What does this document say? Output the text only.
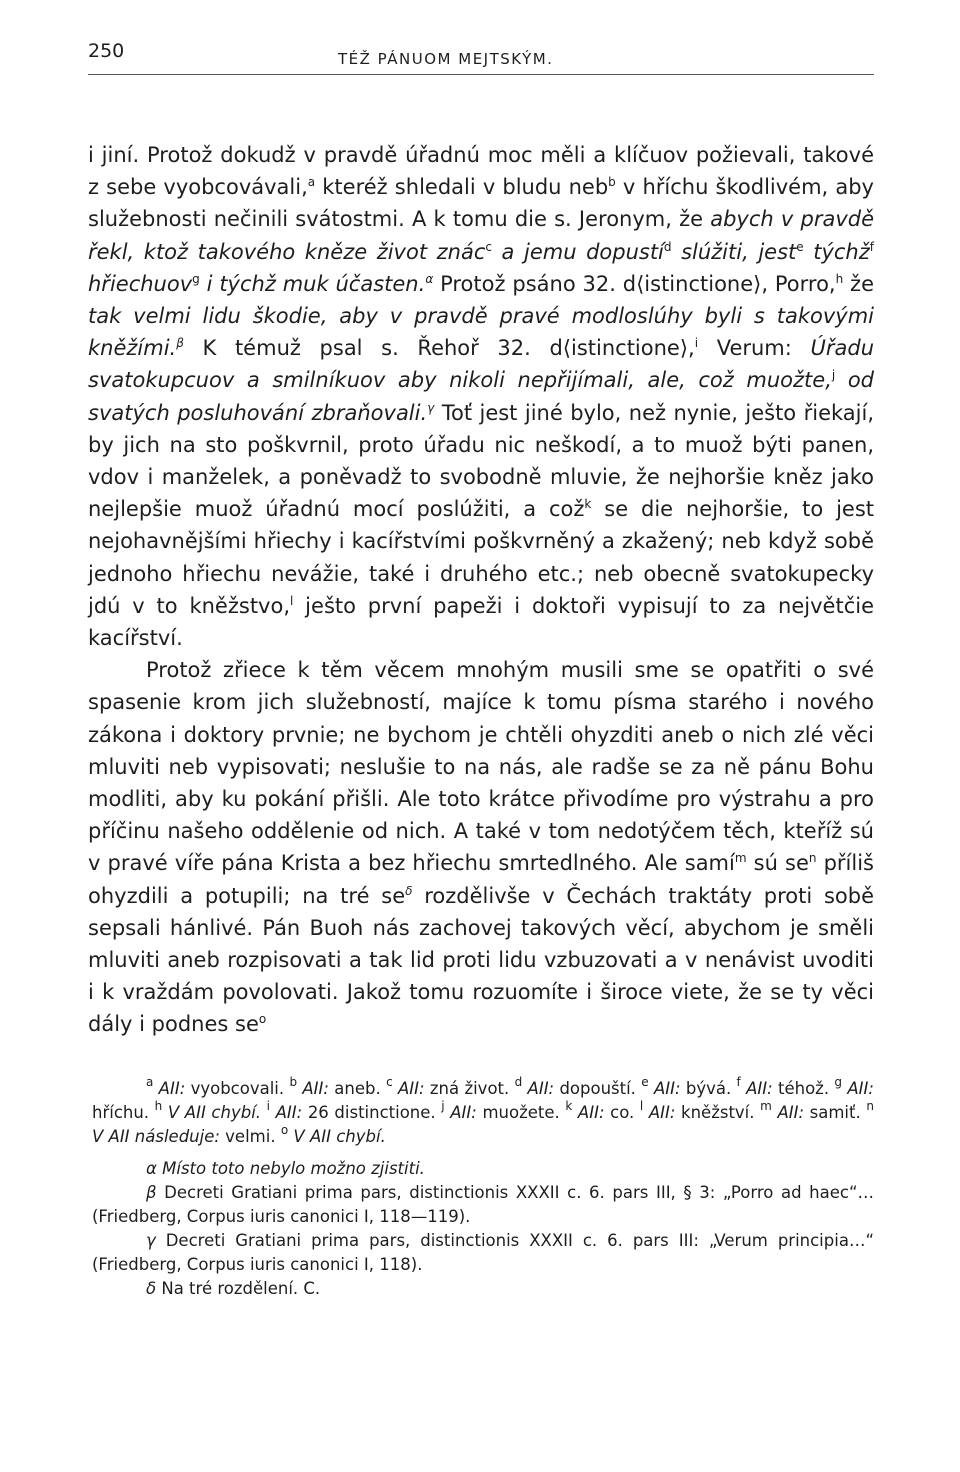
250	TÉŽ PÁNUOM MEJTSKÝM.

i jiní. Protož dokudž v pravdě úřadnú moc měli a klíčuov požievali, takové z sebe vyobcovávali,$^a$ kteréž shledali v bludu neb$^b$ v hříchu škodlivém, aby služebnosti nečinili svátostmi. A k tomu die s. Jeronym, že abych v pravdě řekl, ktož takového kněze život znác$^c$ a jemu dopustí$^d$ slúžiti, jest$^e$ týchž$^f$ hřiechuov$^g$ i týchž muk účasten.$^\alpha$ Protož psáno 32. d⟨istinctione⟩, Porro,$^h$ že tak velmi lidu škodie, aby v pravdě pravé modloslúhy byli s takovými kněžími.$^\beta$ K témuž psal s. Řehoř 32. d⟨istinctione⟩,$^i$ Verum: Úřadu svatokupcuov a smilníkuov aby nikoli nepřijímali, ale, což muožte,$^j$ od svatých posluhování zbraňovali.$^\gamma$ Toť jest jiné bylo, než nynie, ješto řiekají, by jich na sto poškvrnil, proto úřadu nic neškodí, a to muož býti panen, vdov i manželek, a poněvadž to svobodně mluvie, že nejhoršie kněz jako nejlepšie muož úřadnú mocí poslúžiti, a což$^k$ se die nejhoršie, to jest nejohavnějšími hřiechy i kacířstvími poškvrněný a zkažený; neb když sobě jednoho hřiechu nevážie, také i druhého etc.; neb obecně svatokupecky jdú v to kněžstvo,$^l$ ješto první papeži i doktoři vypisují to za největčie kacířství.

Protož zřiece k těm věcem mnohým musili sme se opatřiti o své spasenie krom jich služebností, majíce k tomu písma starého i nového zákona i doktory prvnie; ne bychom je chtěli ohyzditi aneb o nich zlé věci mluviti neb vypisovati; neslušie to na nás, ale radše se za ně pánu Bohu modliti, aby ku pokání přišli. Ale toto krátce přivodíme pro výstrahu a pro příčinu našeho oddělenie od nich. A také v tom nedotýčem těch, kteříž sú v pravé víře pána Krista a bez hřiechu smrtedlného. Ale samí$^m$ sú $se^n$ příliš ohyzdili a potupili; na tré $se^\delta$ rozdělivše v Čechách traktáty proti sobě sepsali hánlivé. Pán Buoh nás zachovej takových věcí, abychom je směli mluviti aneb rozpisovati a tak lid proti lidu vzbuzovati a v nenávist uvoditi i k vraždám povolovati. Jakož tomu rozuomíte i široce viete, že se ty věci dály i podnes $se^o$

$^a$ AII: vyobcovali. $^b$ AII: aneb. $^c$ AII: zná život. $^d$ AII: dopouští. $^e$ AII: bývá. $^f$ AII: téhož. $^g$ AII: hříchu. $^h$ V AII chybí. $^i$ AII: 26 distinctione. $^j$ AII: muožete. $^k$ AII: co. $^l$ AII: kněžství. $^m$ AII: samiť. $^n$ V AII následuje: velmi. $^o$ V AII chybí.

α Místo toto nebylo možno zjistiti.

β Decreti Gratiani prima pars, distinctionis XXXII c. 6. pars III, § 3: „Porro ad haec“… (Friedberg, Corpus iuris canonici I, 118—119).

γ Decreti Gratiani prima pars, distinctionis XXXII c. 6. pars III: „Verum principia…“ (Friedberg, Corpus iuris canonici I, 118).

δ Na tré rozdělení. C.
